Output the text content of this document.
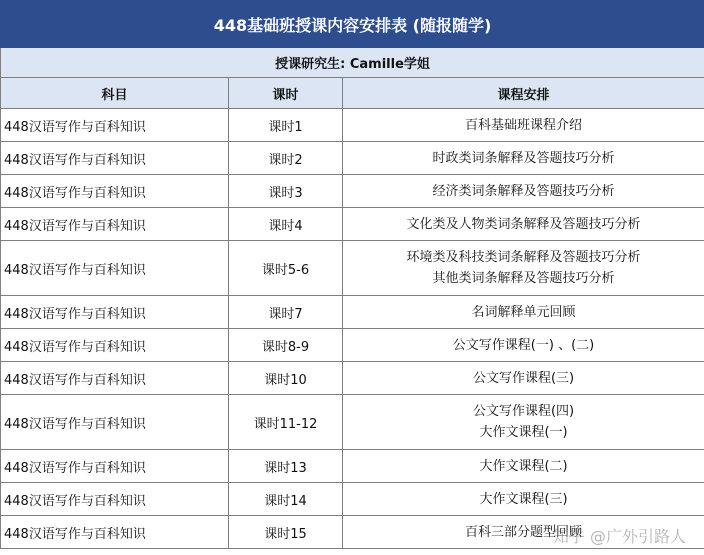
448基础班授课内容安排表 (随报随学)		
授课研究生: Camille学姐		
科目	课时	课程安排
448汉语写作与百科知识	课时1	百科基础班课程介绍

448汉语写作与百科知识	课时2	时政类词条解释及答题技巧分析

448汉语写作与百科知识	课时3	经济类词条解释及答题技巧分析

448汉语写作与百科知识	课时4	文化类及人物类词条解释及答题技巧分析

448汉语写作与百科知识	课时5-6	环境类及科技类词条解释及答题技巧分析
其他类词条解释及答题技巧分析

448汉语写作与百科知识	课时7	名词解释单元回顾

448汉语写作与百科知识	课时8-9	公文写作课程(一) 、(二)

448汉语写作与百科知识	课时10	公文写作课程(三)

448汉语写作与百科知识	课时11-12	公文写作课程(四)
大作文课程(一)

448汉语写作与百科知识	课时13	大作文课程(二)

448汉语写作与百科知识	课时14	大作文课程(三)

448汉语写作与百科知识	课时15	百科三部分题型回顾
知乎 @广外引路人
